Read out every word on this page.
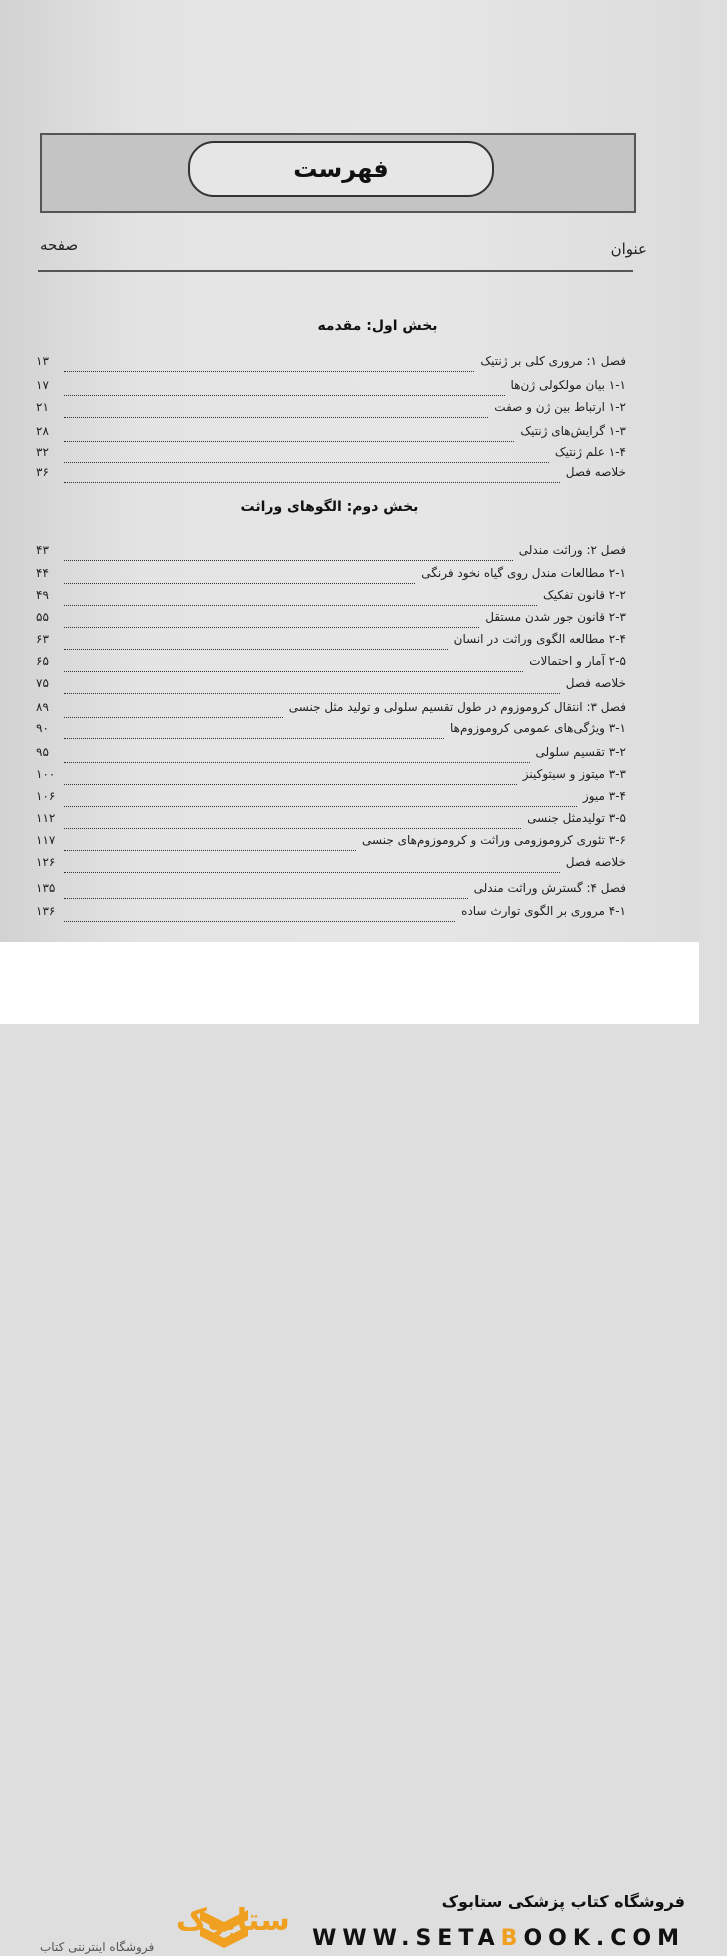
فهرست
عنوان
صفحه
بخش اول: مقدمه
بخش دوم: الگوهای وراثت
فصل ۱: مروری کلی بر ژنتیک
۱۳
۱-۱ بیان مولکولی ژن‌ها
۱۷
۱-۲ ارتباط بین ژن و صفت
۲۱
۱-۳ گرایش‌های ژنتیک
۲۸
۱-۴ علم ژنتیک
۳۲
خلاصه فصل
۳۶
فصل ۲: وراثت مندلی
۴۳
۲-۱ مطالعات مندل روی گیاه نخود فرنگی
۴۴
۲-۲ قانون تفکیک
۴۹
۲-۳ قانون جور شدن مستقل
۵۵
۲-۴ مطالعه الگوی وراثت در انسان
۶۳
۲-۵ آمار و احتمالات
۶۵
خلاصه فصل
۷۵
فصل ۳: انتقال کروموزوم در طول تقسیم سلولی و تولید مثل جنسی
۸۹
۳-۱ ویژگی‌های عمومی کروموزوم‌ها
۹۰
۳-۲ تقسیم سلولی
۹۵
۳-۳ میتوز و سیتوکینز
۱۰۰
۳-۴ میوز
۱۰۶
۳-۵ تولیدمثل جنسی
۱۱۲
۳-۶ تئوری کروموزومی وراثت و کروموزوم‌های جنسی
۱۱۷
خلاصه فصل
۱۲۶
فصل ۴: گسترش وراثت مندلی
۱۳۵
۴-۱ مروری بر الگوی توارث ساده
۱۳۶
فروشگاه کتاب پزشکی ستابوک
WWW.SETABOOK.COM
ستابوک
فروشگاه اینترنتی کتاب
